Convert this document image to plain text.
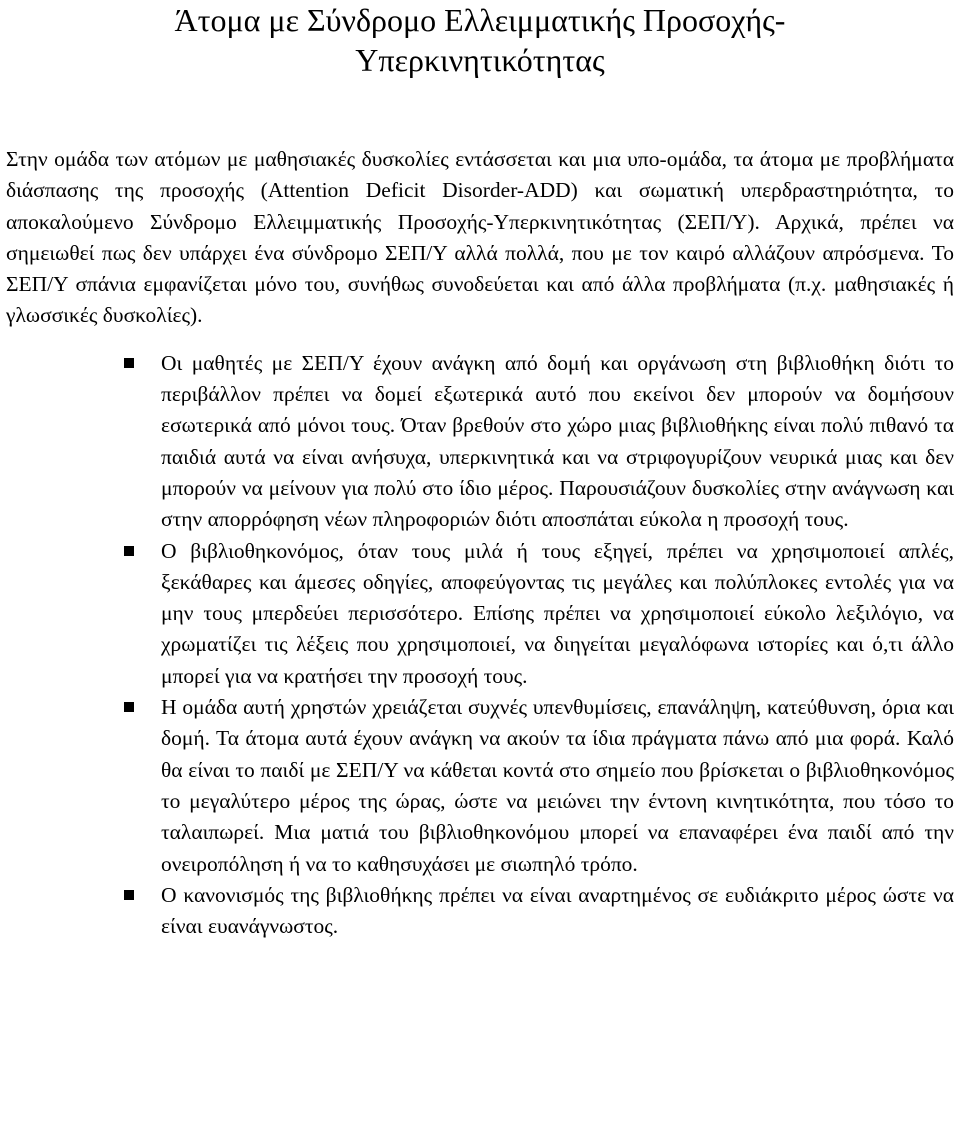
Άτομα με Σύνδρομο Ελλειμματικής Προσοχής-
Υπερκινητικότητας

Στην ομάδα των ατόμων με μαθησιακές δυσκολίες εντάσσεται και μια υπο-ομάδα, τα άτομα με προβλήματα διάσπασης της προσοχής (Attention Deficit Disorder-ADD) και σωματική υπερδραστηριότητα, το αποκαλούμενο Σύνδρομο Ελλειμματικής Προσοχής-Υπερκινητικότητας (ΣΕΠ/Υ). Αρχικά, πρέπει να σημειωθεί πως δεν υπάρχει ένα σύνδρομο ΣΕΠ/Υ αλλά πολλά, που με τον καιρό αλλάζουν απρόσμενα. Το ΣΕΠ/Υ σπάνια εμφανίζεται μόνο του, συνήθως συνοδεύεται και από άλλα προβλήματα (π.χ. μαθησιακές ή γλωσσικές δυσκολίες).

Οι μαθητές με ΣΕΠ/Υ έχουν ανάγκη από δομή και οργάνωση στη βιβλιοθήκη διότι το περιβάλλον πρέπει να δομεί εξωτερικά αυτό που εκείνοι δεν μπορούν να δομήσουν εσωτερικά από μόνοι τους. Όταν βρεθούν στο χώρο μιας βιβλιοθήκης είναι πολύ πιθανό τα παιδιά αυτά να είναι ανήσυχα, υπερκινητικά και να στριφογυρίζουν νευρικά μιας και δεν μπορούν να μείνουν για πολύ στο ίδιο μέρος. Παρουσιάζουν δυσκολίες στην ανάγνωση και στην απορρόφηση νέων πληροφοριών διότι αποσπάται εύκολα η προσοχή τους.
Ο βιβλιοθηκονόμος, όταν τους μιλά ή τους εξηγεί, πρέπει να χρησιμοποιεί απλές, ξεκάθαρες και άμεσες οδηγίες, αποφεύγοντας τις μεγάλες και πολύπλοκες εντολές για να μην τους μπερδεύει περισσότερο. Επίσης πρέπει να χρησιμοποιεί εύκολο λεξιλόγιο, να χρωματίζει τις λέξεις που χρησιμοποιεί, να διηγείται μεγαλόφωνα ιστορίες και ό,τι άλλο μπορεί για να κρατήσει την προσοχή τους.
Η ομάδα αυτή χρηστών χρειάζεται συχνές υπενθυμίσεις, επανάληψη, κατεύθυνση, όρια και δομή. Τα άτομα αυτά έχουν ανάγκη να ακούν τα ίδια πράγματα πάνω από μια φορά. Καλό θα είναι το παιδί με ΣΕΠ/Υ να κάθεται κοντά στο σημείο που βρίσκεται ο βιβλιοθηκονόμος το μεγαλύτερο μέρος της ώρας, ώστε να μειώνει την έντονη κινητικότητα, που τόσο το ταλαιπωρεί. Μια ματιά του βιβλιοθηκονόμου μπορεί να επαναφέρει ένα παιδί από την ονειροπόληση ή να το καθησυχάσει με σιωπηλό τρόπο.
Ο κανονισμός της βιβλιοθήκης πρέπει να είναι αναρτημένος σε ευδιάκριτο μέρος ώστε να είναι ευανάγνωστος.
